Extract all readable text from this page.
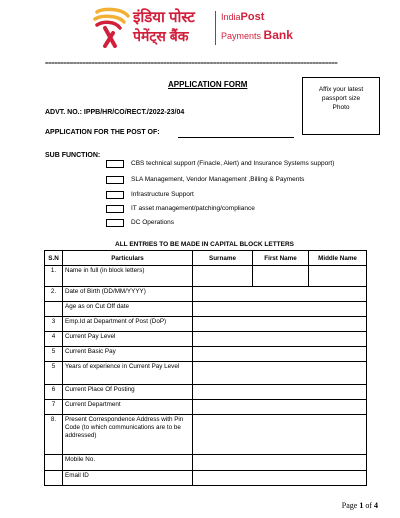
इंडिया पोस्ट
पेमेंट्स बैंक
IndiaPost
Payments Bank
==============================================================================================
Affix your latest
passport size
Photo
APPLICATION FORM
ADVT. NO.: IPPB/HR/CO/RECT./2022-23/04
APPLICATION FOR THE POST OF:
SUB FUNCTION:
CBS technical support (Finacle, Alert) and Insurance Systems support)
SLA Management, Vendor Management ,Billing & Payments
Infrastructure Support
IT asset management/patching/compliance
DC Operations
ALL ENTRIES TO BE MADE IN CAPITAL BLOCK LETTERS
S.N	Particulars	Surname	First Name	Middle Name
1.	Name in full (in block letters)			
2.	Date of Birth (DD/MM/YYYY)			
	Age as on Cut Off date			
3	Emp.Id at Department of Post (DoP)			
4	Current Pay Level			
5	Current Basic Pay			
5	Years of experience in Current Pay Level			
6	Current Place Of Posting			
7	Current Department			
8.	Present Correspondence Address with Pin Code (to which communications are to be addressed)			
	Mobile No.			
	Email ID			
Page 1 of 4
